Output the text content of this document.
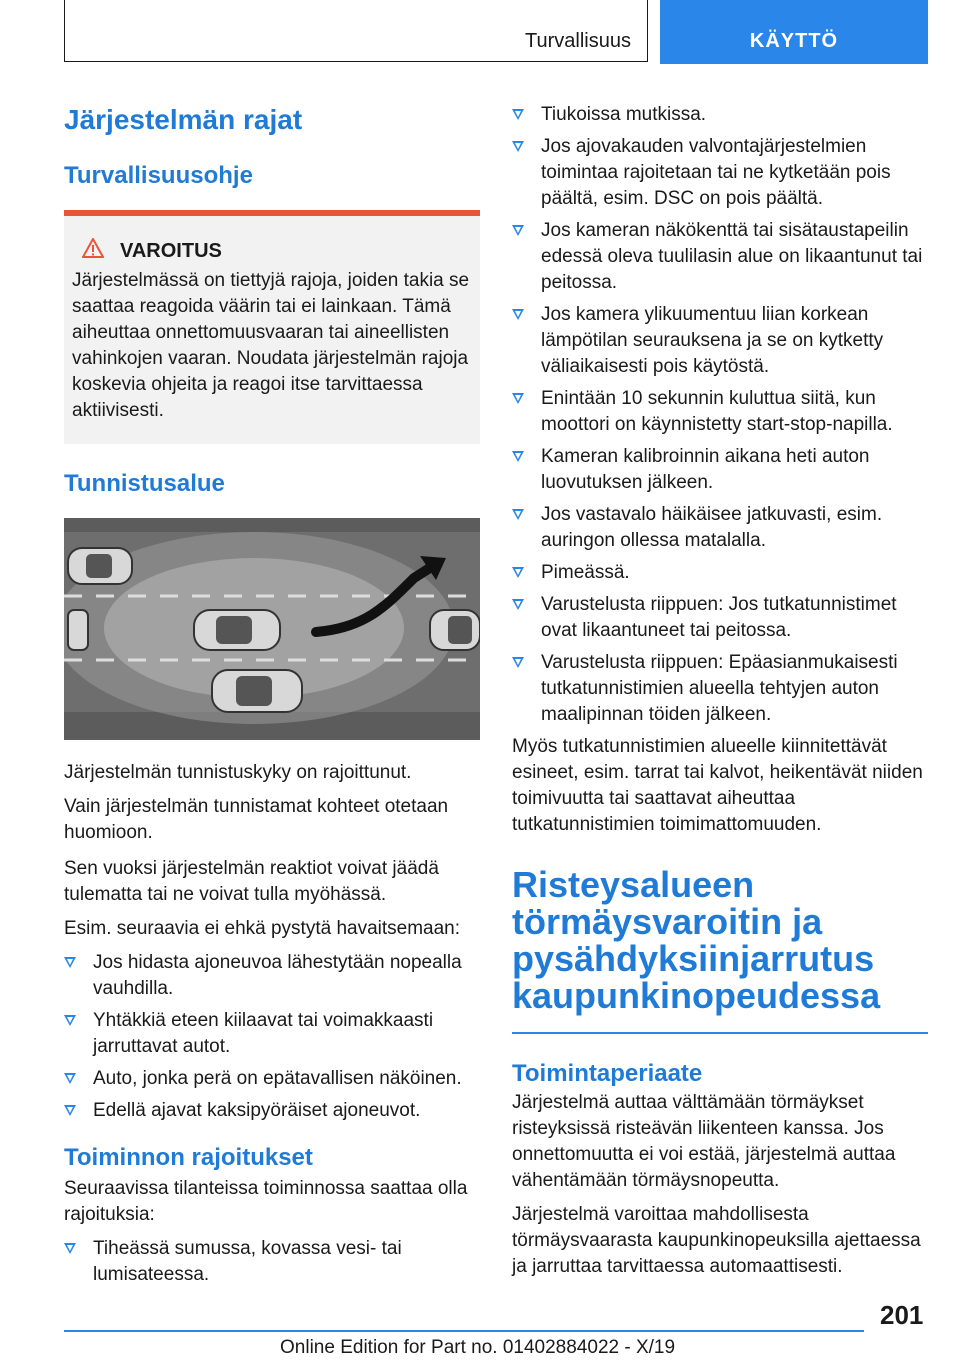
Turvallisuus	KÄYTTÖ
Järjestelmän rajat
Turvallisuusohje
VAROITUS

Järjestelmässä on tiettyjä rajoja, joiden takia se saattaa reagoida väärin tai ei lainkaan. Tämä aiheuttaa onnettomuusvaaran tai aineellisten vahinkojen vaaran. Noudata järjestelmän rajoja koskevia ohjeita ja reagoi itse tarvittaessa aktiivisesti.

Tunnistusalue

Järjestelmän tunnistuskyky on rajoittunut.

Vain järjestelmän tunnistamat kohteet otetaan huomioon.

Sen vuoksi järjestelmän reaktiot voivat jäädä tulematta tai ne voivat tulla myöhässä.

Esim. seuraavia ei ehkä pystytä havaitsemaan:

Jos hidasta ajoneuvoa lähestytään nopealla vauhdilla.
Yhtäkkiä eteen kiilaavat tai voimakkaasti jarruttavat autot.
Auto, jonka perä on epätavallisen näköinen.
Edellä ajavat kaksipyöräiset ajoneuvot.
Toiminnon rajoitukset

Seuraavissa tilanteissa toiminnossa saattaa olla rajoituksia:

Tiheässä sumussa, kovassa vesi- tai lumisateessa.
Tiukoissa mutkissa.
Jos ajovakauden valvontajärjestelmien toimintaa rajoitetaan tai ne kytketään pois päältä, esim. DSC on pois päältä.
Jos kameran näkökenttä tai sisätaustapeilin edessä oleva tuulilasin alue on likaantunut tai peitossa.
Jos kamera ylikuumentuu liian korkean lämpötilan seurauksena ja se on kytketty väliaikaisesti pois käytöstä.
Enintään 10 sekunnin kuluttua siitä, kun moottori on käynnistetty start-stop-napilla.
Kameran kalibroinnin aikana heti auton luovutuksen jälkeen.
Jos vastavalo häikäisee jatkuvasti, esim. auringon ollessa matalalla.
Pimeässä.
Varustelusta riippuen: Jos tutkatunnistimet ovat likaantuneet tai peitossa.
Varustelusta riippuen: Epäasianmukaisesti tutkatunnistimien alueella tehtyjen auton maalipinnan töiden jälkeen.

Myös tutkatunnistimien alueelle kiinnitettävät esineet, esim. tarrat tai kalvot, heikentävät niiden toimivuutta tai saattavat aiheuttaa tutkatunnistimien toimimattomuuden.

Risteysalueen törmäysvaroitin ja pysähdyksiinjarrutus kaupunkinopeudessa
Toimintaperiaate

Järjestelmä auttaa välttämään törmäykset risteyksissä risteävän liikenteen kanssa. Jos onnettomuutta ei voi estää, järjestelmä auttaa vähentämään törmäysnopeutta.

Järjestelmä varoittaa mahdollisesta törmäysvaarasta kaupunkinopeuksilla ajettaessa ja jarruttaa tarvittaessa automaattisesti.

201
Online Edition for Part no. 01402884022 - X/19
